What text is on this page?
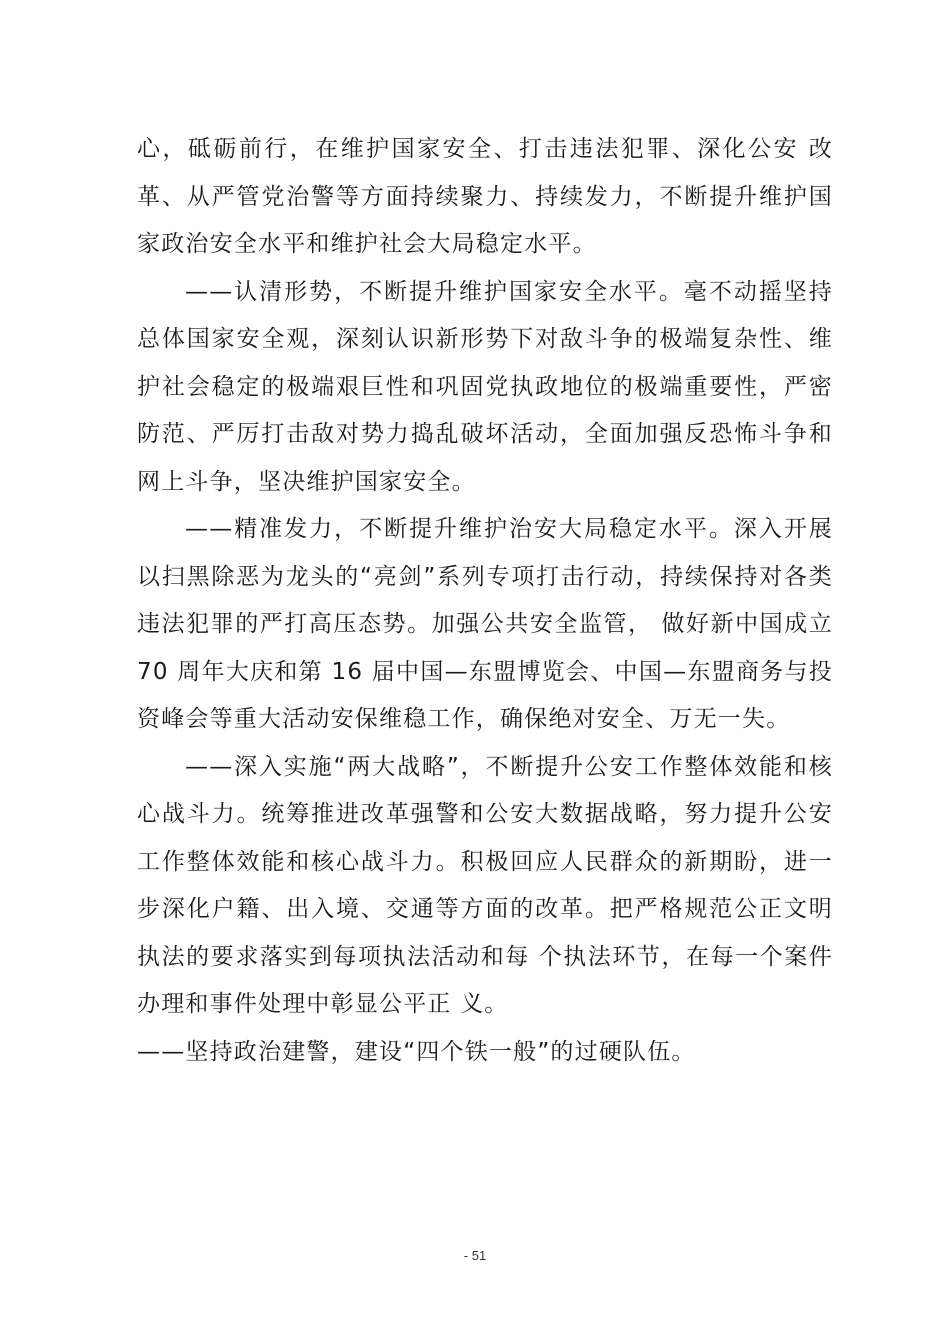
心，砥砺前行，在维护国家安全、打击违法犯罪、深化公安 改革、从严管党治警等方面持续聚力、持续发力，不断提升维护国家政治安全水平和维护社会大局稳定水平。

——认清形势，不断提升维护国家安全水平。毫不动摇坚持总体国家安全观，深刻认识新形势下对敌斗争的极端复杂性、维护社会稳定的极端艰巨性和巩固党执政地位的极端重要性，严密防范、严厉打击敌对势力捣乱破坏活动，全面加强反恐怖斗争和网上斗争，坚决维护国家安全。

——精准发力，不断提升维护治安大局稳定水平。深入开展以扫黑除恶为龙头的“亮剑”系列专项打击行动，持续保持对各类违法犯罪的严打高压态势。加强公共安全监管， 做好新中国成立 70 周年大庆和第 16 届中国—东盟博览会、中国—东盟商务与投资峰会等重大活动安保维稳工作，确保绝对安全、万无一失。

——深入实施“两大战略”，不断提升公安工作整体效能和核心战斗力。统筹推进改革强警和公安大数据战略，努力提升公安工作整体效能和核心战斗力。积极回应人民群众的新期盼，进一步深化户籍、出入境、交通等方面的改革。把严格规范公正文明执法的要求落实到每项执法活动和每 个执法环节，在每一个案件办理和事件处理中彰显公平正 义。

——坚持政治建警，建设“四个铁一般”的过硬队伍。

- 51
